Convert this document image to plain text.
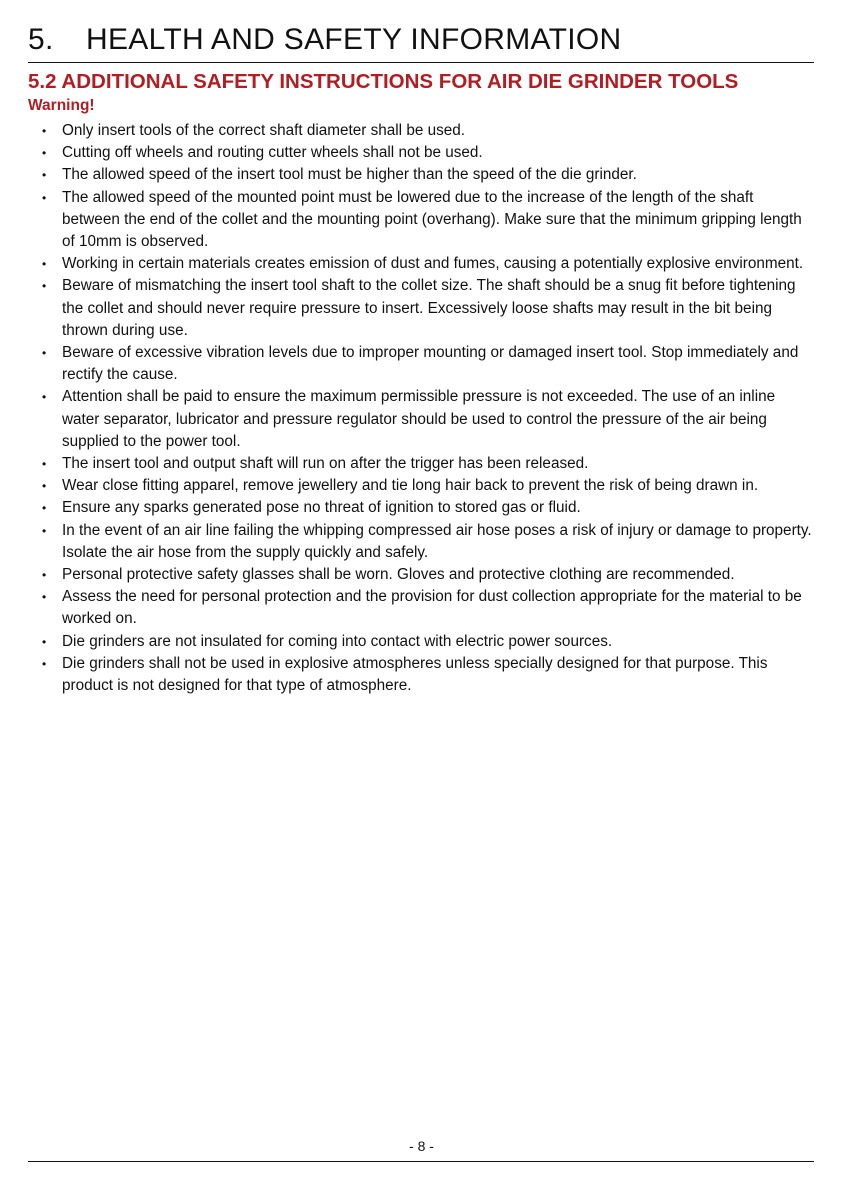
5. HEALTH AND SAFETY INFORMATION
5.2 ADDITIONAL SAFETY INSTRUCTIONS FOR AIR DIE GRINDER TOOLS

Warning!

• Only insert tools of the correct shaft diameter shall be used.
• Cutting off wheels and routing cutter wheels shall not be used.
• The allowed speed of the insert tool must be higher than the speed of the die grinder.
• The allowed speed of the mounted point must be lowered due to the increase of the length of the shaft between the end of the collet and the mounting point (overhang). Make sure that the minimum gripping length of 10mm is observed.
• Working in certain materials creates emission of dust and fumes, causing a potentially explosive environment.
• Beware of mismatching the insert tool shaft to the collet size. The shaft should be a snug fit before tightening the collet and should never require pressure to insert. Excessively loose shafts may result in the bit being thrown during use.
• Beware of excessive vibration levels due to improper mounting or damaged insert tool. Stop immediately and rectify the cause.
• Attention shall be paid to ensure the maximum permissible pressure is not exceeded. The use of an inline water separator, lubricator and pressure regulator should be used to control the pressure of the air being supplied to the power tool.
• The insert tool and output shaft will run on after the trigger has been released.
• Wear close fitting apparel, remove jewellery and tie long hair back to prevent the risk of being drawn in.
• Ensure any sparks generated pose no threat of ignition to stored gas or fluid.
• In the event of an air line failing the whipping compressed air hose poses a risk of injury or damage to property. Isolate the air hose from the supply quickly and safely.
• Personal protective safety glasses shall be worn. Gloves and protective clothing are recommended.
• Assess the need for personal protection and the provision for dust collection appropriate for the material to be worked on.
• Die grinders are not insulated for coming into contact with electric power sources.
• Die grinders shall not be used in explosive atmospheres unless specially designed for that purpose. This product is not designed for that type of atmosphere.
- 8 -
